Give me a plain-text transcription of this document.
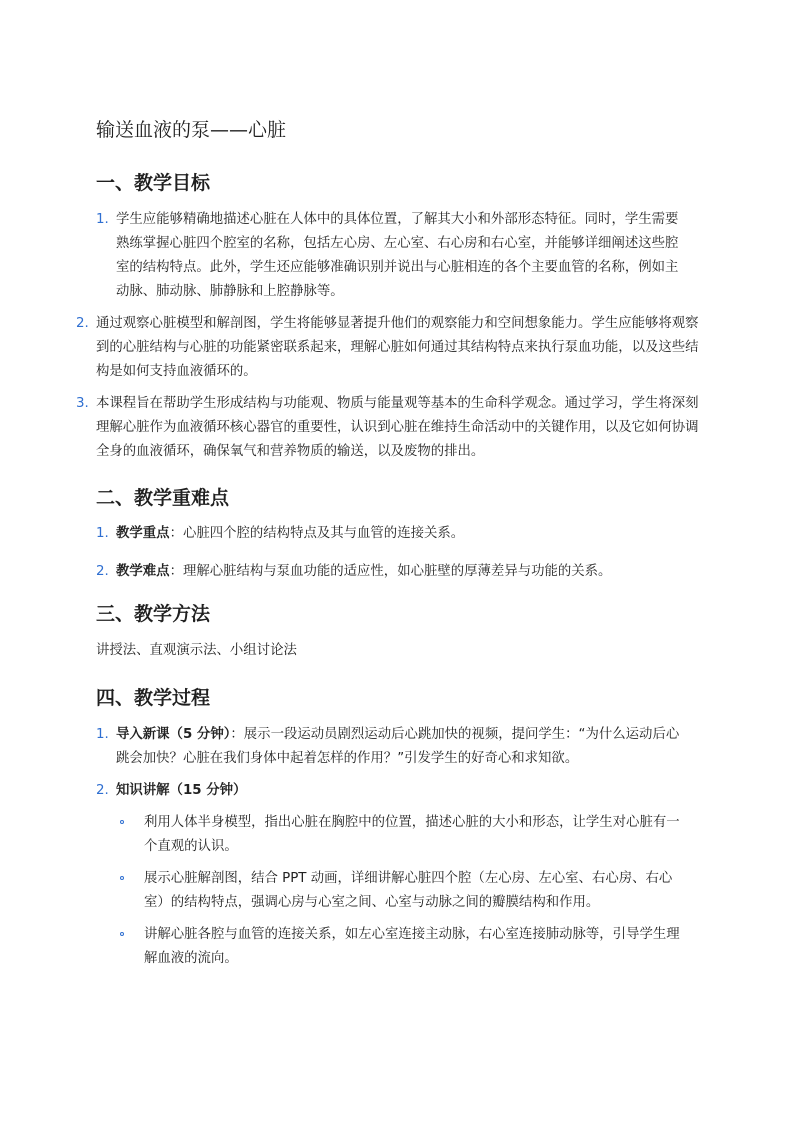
输送血液的泵——心脏
一、教学目标
1. 学生应能够精确地描述心脏在人体中的具体位置，了解其大小和外部形态特征。同时，学生需要熟练掌握心脏四个腔室的名称，包括左心房、左心室、右心房和右心室，并能够详细阐述这些腔室的结构特点。此外，学生还应能够准确识别并说出与心脏相连的各个主要血管的名称，例如主动脉、肺动脉、肺静脉和上腔静脉等。
2. 通过观察心脏模型和解剖图，学生将能够显著提升他们的观察能力和空间想象能力。学生应能够将观察到的心脏结构与心脏的功能紧密联系起来，理解心脏如何通过其结构特点来执行泵血功能，以及这些结构是如何支持血液循环的。
3. 本课程旨在帮助学生形成结构与功能观、物质与能量观等基本的生命科学观念。通过学习，学生将深刻理解心脏作为血液循环核心器官的重要性，认识到心脏在维持生命活动中的关键作用，以及它如何协调全身的血液循环，确保氧气和营养物质的输送，以及废物的排出。
二、教学重难点
1. 教学重点：心脏四个腔的结构特点及其与血管的连接关系。
2. 教学难点：理解心脏结构与泵血功能的适应性，如心脏壁的厚薄差异与功能的关系。
三、教学方法
讲授法、直观演示法、小组讨论法
四、教学过程
1. 导入新课（5 分钟）：展示一段运动员剧烈运动后心跳加快的视频，提问学生：“为什么运动后心跳会加快？心脏在我们身体中起着怎样的作用？”引发学生的好奇心和求知欲。
2. 知识讲解（15 分钟）
利用人体半身模型，指出心脏在胸腔中的位置，描述心脏的大小和形态，让学生对心脏有一个直观的认识。
展示心脏解剖图，结合 PPT 动画，详细讲解心脏四个腔（左心房、左心室、右心房、右心室）的结构特点，强调心房与心室之间、心室与动脉之间的瓣膜结构和作用。
讲解心脏各腔与血管的连接关系，如左心室连接主动脉，右心室连接肺动脉等，引导学生理解血液的流向。
